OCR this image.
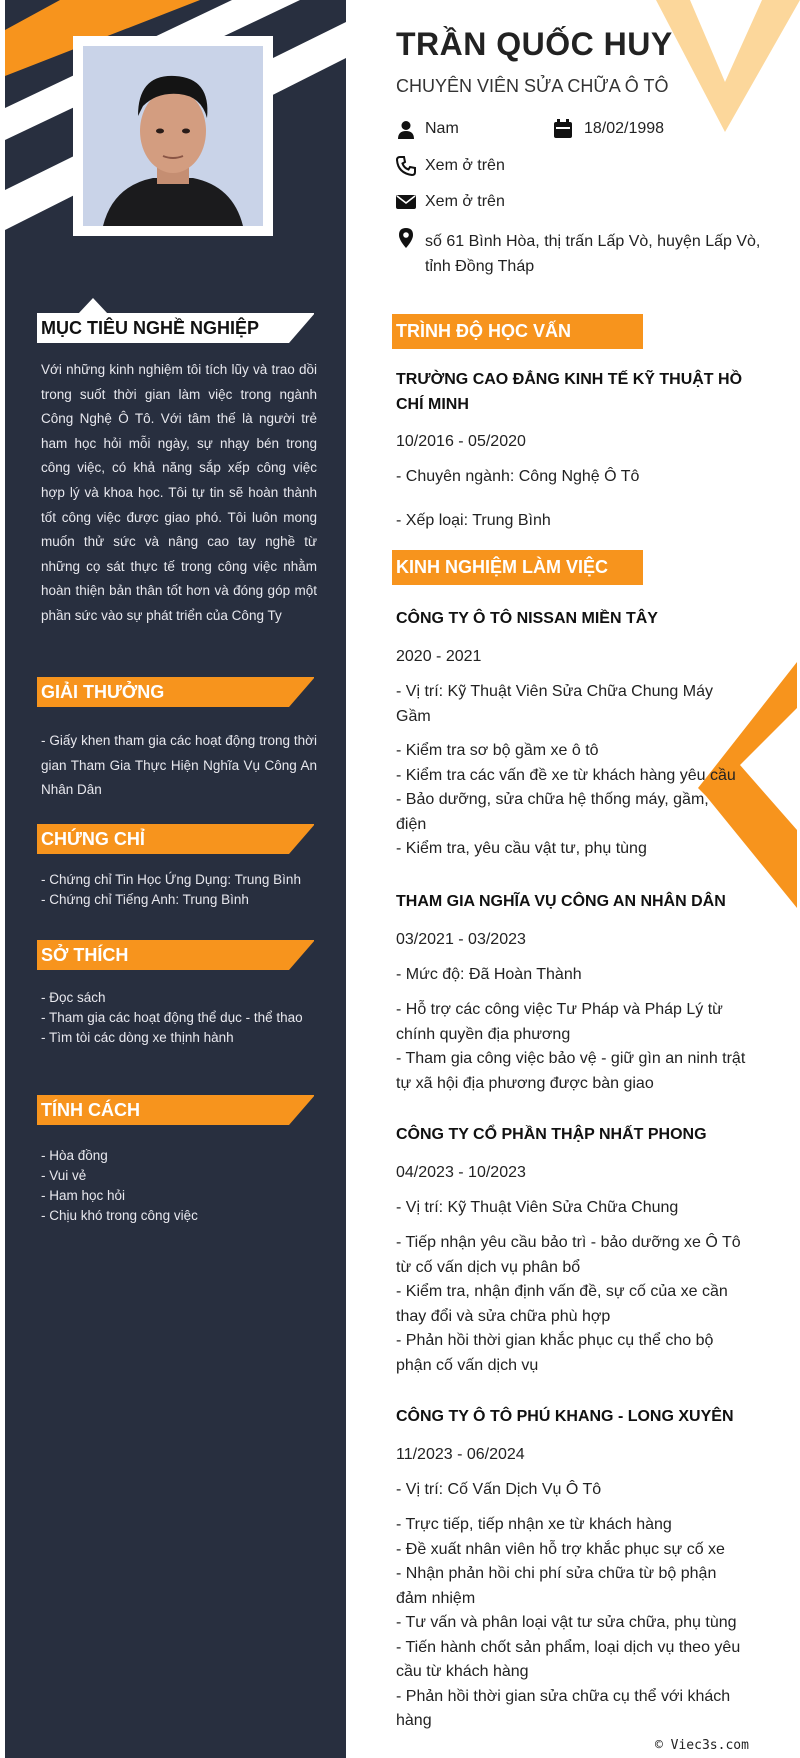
MỤC TIÊU NGHỀ NGHIỆP
Với những kinh nghiệm tôi tích lũy và trao dồi trong suốt thời gian làm việc trong ngành Công Nghệ Ô Tô. Với tâm thế là người trẻ ham học hỏi mỗi ngày, sự nhạy bén trong công việc, có khả năng sắp xếp công việc hợp lý và khoa học. Tôi tự tin sẽ hoàn thành tốt công việc được giao phó. Tôi luôn mong muốn thử sức và nâng cao tay nghề từ những cọ sát thực tế trong công việc nhằm hoàn thiện bản thân tốt hơn và đóng góp một phần sức vào sự phát triển của Công Ty
GIẢI THƯỞNG
- Giấy khen tham gia các hoạt động trong thời gian Tham Gia Thực Hiện Nghĩa Vụ Công An Nhân Dân
CHỨNG CHỈ
- Chứng chỉ Tin Học Ứng Dụng: Trung Bình
- Chứng chỉ Tiếng Anh: Trung Bình
SỞ THÍCH
- Đọc sách
- Tham gia các hoạt động thể dục - thể thao
- Tìm tòi các dòng xe thịnh hành
TÍNH CÁCH
- Hòa đồng
- Vui vẻ
- Ham học hỏi
- Chịu khó trong công việc
TRẦN QUỐC HUY
CHUYÊN VIÊN SỬA CHỮA Ô TÔ
Nam	18/02/1998
Xem ở trên
Xem ở trên
số 61 Bình Hòa, thị trấn Lấp Vò, huyện Lấp Vò, tỉnh Đồng Tháp
TRÌNH ĐỘ HỌC VẤN
TRƯỜNG CAO ĐẲNG KINH TẾ KỸ THUẬT HỒ CHÍ MINH
10/2016 - 05/2020
- Chuyên ngành: Công Nghệ Ô Tô
- Xếp loại: Trung Bình
KINH NGHIỆM LÀM VIỆC
CÔNG TY Ô TÔ NISSAN MIỀN TÂY
2020 - 2021
- Vị trí: Kỹ Thuật Viên Sửa Chữa Chung Máy Gầm
- Kiểm tra sơ bộ gầm xe ô tô
- Kiểm tra các vấn đề xe từ khách hàng yêu cầu
- Bảo dưỡng, sửa chữa hệ thống máy, gầm, điện
- Kiểm tra, yêu cầu vật tư, phụ tùng
THAM GIA NGHĨA VỤ CÔNG AN NHÂN DÂN
03/2021 - 03/2023
- Mức độ: Đã Hoàn Thành
- Hỗ trợ các công việc Tư Pháp và Pháp Lý từ chính quyền địa phương
- Tham gia công việc bảo vệ - giữ gìn an ninh trật tự xã hội địa phương được bàn giao
CÔNG TY CỔ PHẦN THẬP NHẤT PHONG
04/2023 - 10/2023
- Vị trí: Kỹ Thuật Viên Sửa Chữa Chung
- Tiếp nhận yêu cầu bảo trì - bảo dưỡng xe Ô Tô từ cố vấn dịch vụ phân bổ
- Kiểm tra, nhận định vấn đề, sự cố của xe cần thay đổi và sửa chữa phù hợp
- Phản hồi thời gian khắc phục cụ thể cho bộ phận cố vấn dịch vụ
CÔNG TY Ô TÔ PHÚ KHANG - LONG XUYÊN
11/2023 - 06/2024
- Vị trí: Cố Vấn Dịch Vụ Ô Tô
- Trực tiếp, tiếp nhận xe từ khách hàng
- Đề xuất nhân viên hỗ trợ khắc phục sự cố xe
- Nhận phản hồi chi phí sửa chữa từ bộ phận đảm nhiệm
- Tư vấn và phân loại vật tư sửa chữa, phụ tùng
- Tiến hành chốt sản phẩm, loại dịch vụ theo yêu cầu từ khách hàng
- Phản hồi thời gian sửa chữa cụ thể với khách hàng
© Viec3s.com
